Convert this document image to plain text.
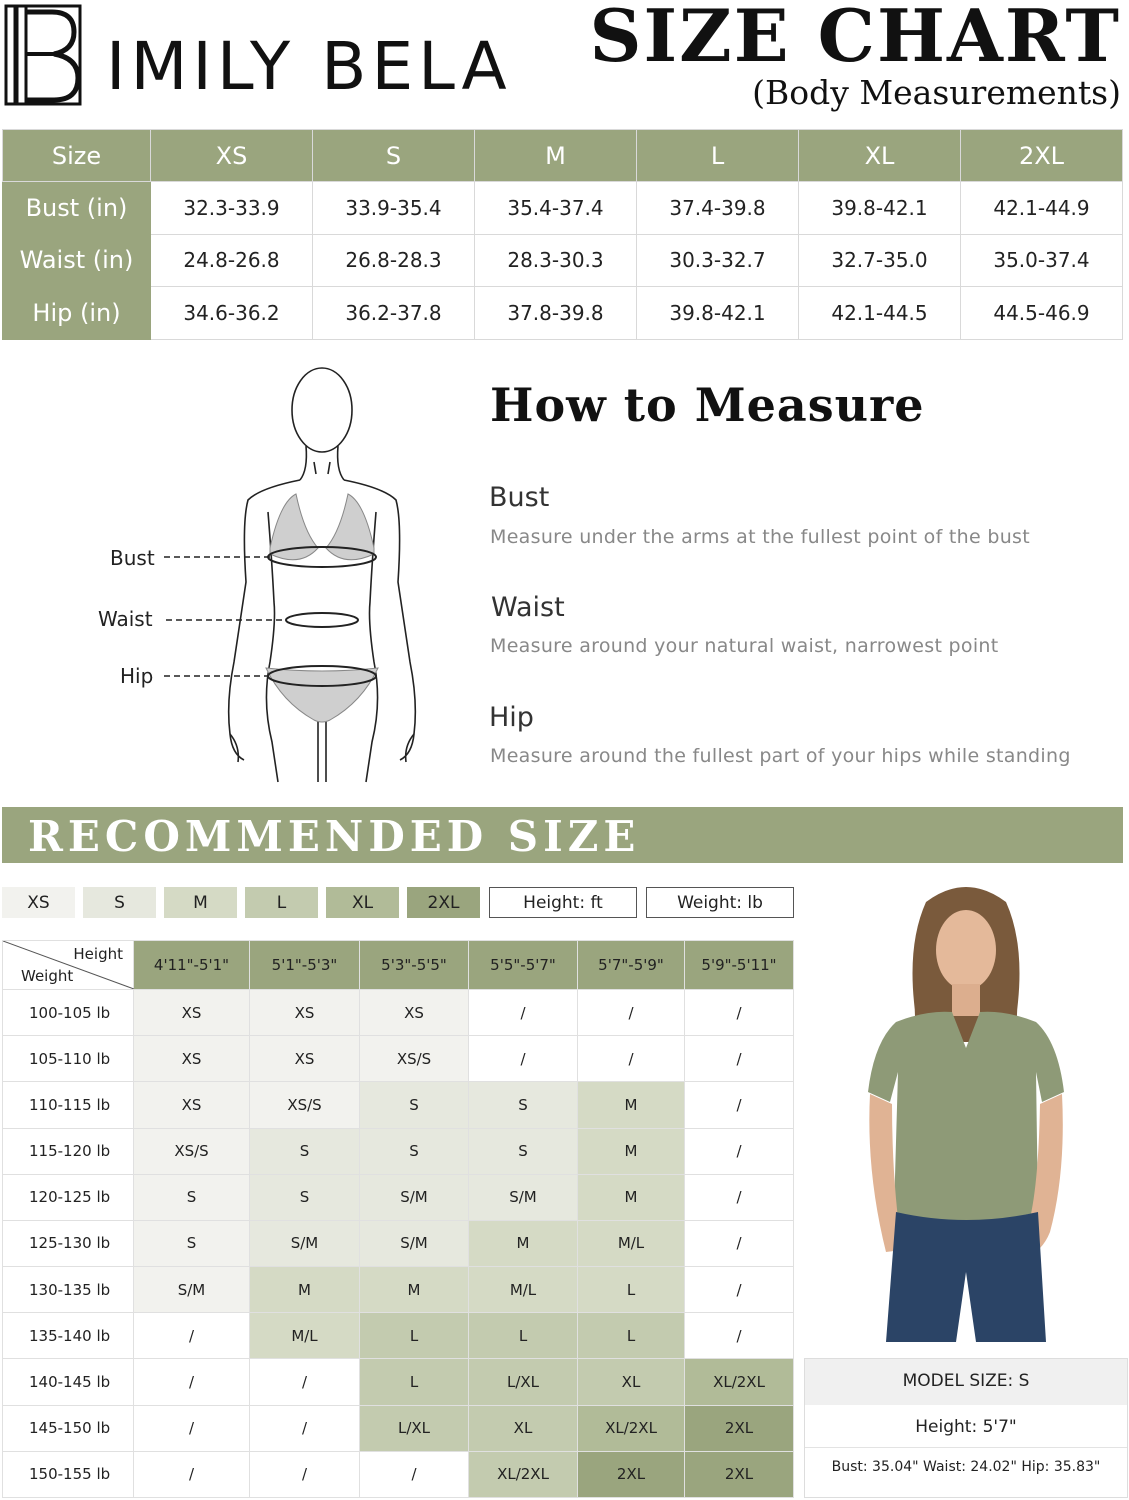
IMILY BELA SIZE CHART
(Body Measurements)
Size	XS	S	M	L	XL	2XL
Bust (in)	32.3-33.9	33.9-35.4	35.4-37.4	37.4-39.8	39.8-42.1	42.1-44.9
Waist (in)	24.8-26.8	26.8-28.3	28.3-30.3	30.3-32.7	32.7-35.0	35.0-37.4
Hip (in)	34.6-36.2	36.2-37.8	37.8-39.8	39.8-42.1	42.1-44.5	44.5-46.9
Bust
Waist
Hip
How to Measure
Bust
Measure under the arms at the fullest point of the bust
Waist
Measure around your natural waist, narrowest point
Hip
Measure around the fullest part of your hips while standing
RECOMMENDED SIZE
XS	S	M	L	XL	2XL	Height: ft	Weight: lb
Height
Weight	4'11"-5'1"	5'1"-5'3"	5'3"-5'5"	5'5"-5'7"	5'7"-5'9"	5'9"-5'11"
100-105 lb	XS	XS	XS	/	/	/
105-110 lb	XS	XS	XS/S	/	/	/
110-115 lb	XS	XS/S	S	S	M	/
115-120 lb	XS/S	S	S	S	M	/
120-125 lb	S	S	S/M	S/M	M	/
125-130 lb	S	S/M	S/M	M	M/L	/
130-135 lb	S/M	M	M	M/L	L	/
135-140 lb	/	M/L	L	L	L	/
140-145 lb	/	/	L	L/XL	XL	XL/2XL
145-150 lb	/	/	L/XL	XL	XL/2XL	2XL
150-155 lb	/	/	/	XL/2XL	2XL	2XL
MODEL SIZE: S
Height: 5'7"
Bust: 35.04" Waist: 24.02" Hip: 35.83"
